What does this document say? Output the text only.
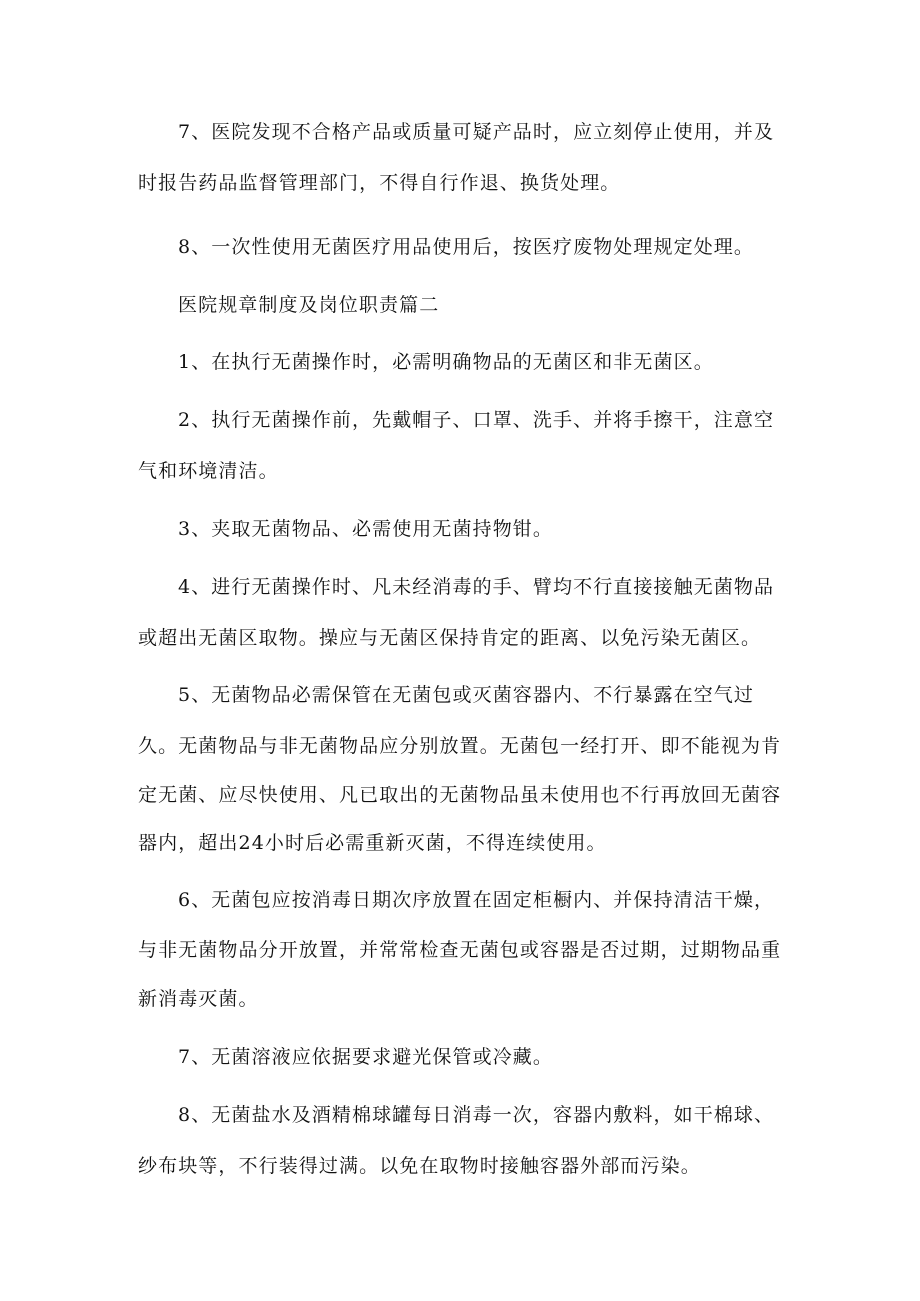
7、医院发现不合格产品或质量可疑产品时，应立刻停止使用，并及
时报告药品监督管理部门，不得自行作退、换货处理。
8、一次性使用无菌医疗用品使用后，按医疗废物处理规定处理。
医院规章制度及岗位职责篇二
1、在执行无菌操作时，必需明确物品的无菌区和非无菌区。
2、执行无菌操作前，先戴帽子、口罩、洗手、并将手擦干，注意空
气和环境清洁。
3、夹取无菌物品、必需使用无菌持物钳。
4、进行无菌操作时、凡未经消毒的手、臂均不行直接接触无菌物品
或超出无菌区取物。操应与无菌区保持肯定的距离、以免污染无菌区。
5、无菌物品必需保管在无菌包或灭菌容器内、不行暴露在空气过
久。无菌物品与非无菌物品应分别放置。无菌包一经打开、即不能视为肯
定无菌、应尽快使用、凡已取出的无菌物品虽未使用也不行再放回无菌容
器内，超出24小时后必需重新灭菌，不得连续使用。
6、无菌包应按消毒日期次序放置在固定柜橱内、并保持清洁干燥，
与非无菌物品分开放置，并常常检查无菌包或容器是否过期，过期物品重
新消毒灭菌。
7、无菌溶液应依据要求避光保管或冷藏。
8、无菌盐水及酒精棉球罐每日消毒一次，容器内敷料，如干棉球、
纱布块等，不行装得过满。以免在取物时接触容器外部而污染。
